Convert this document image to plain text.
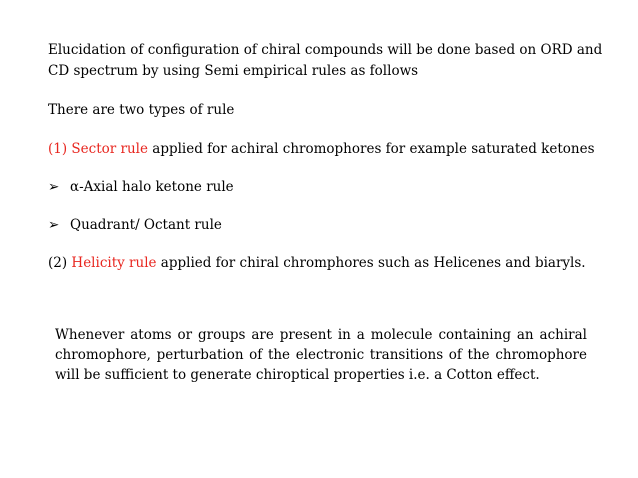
Elucidation of configuration of chiral compounds will be done based on ORD and
CD spectrum by using Semi empirical rules as follows
There are two types of rule
(1) Sector rule applied for achiral chromophores for example saturated ketones
➢ α-Axial halo ketone rule
➢ Quadrant/ Octant rule
(2) Helicity rule applied for chiral chromphores such as Helicenes and biaryls.
Whenever atoms or groups are present in a molecule containing an achiral chromophore, perturbation of the electronic transitions of the chromophore will be sufficient to generate chiroptical properties i.e. a Cotton effect.
